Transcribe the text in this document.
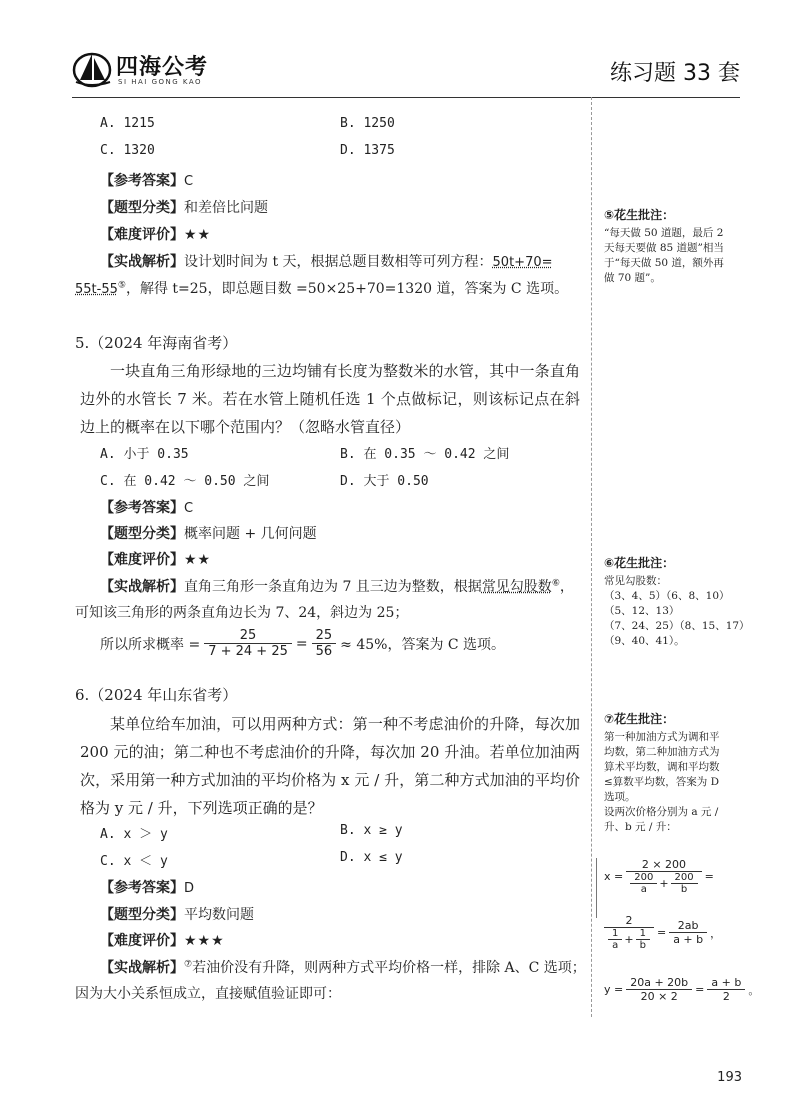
四海公考
SI HAI GONG KAO	练习题 33 套
A. 1215	B. 1250
C. 1320	D. 1375
【参考答案】C
【题型分类】和差倍比问题
【难度评价】★★
【实战解析】设计划时间为 t 天，根据总题目数相等可列方程：50t+70=
55t-55⑤，解得 t=25，即总题目数 =50×25+70=1320 道，答案为 C 选项。
5.（2024 年海南省考）
一块直角三角形绿地的三边均铺有长度为整数米的水管，其中一条直角边外的水管长 7 米。若在水管上随机任选 1 个点做标记，则该标记点在斜边上的概率在以下哪个范围内？（忽略水管直径）
A. 小于 0.35	B. 在 0.35 ～ 0.42 之间
C. 在 0.42 ～ 0.50 之间	D. 大于 0.50
【参考答案】C
【题型分类】概率问题 + 几何问题
【难度评价】★★
【实战解析】直角三角形一条直角边为 7 且三边为整数，根据常见勾股数⑥，
可知该三角形的两条直角边长为 7、24，斜边为 25；
所以所求概率 = $\frac{25}{7 + 24 + 25} = \frac{25}{56} \approx 45\%$，答案为 C 选项。
6.（2024 年山东省考）
某单位给车加油，可以用两种方式：第一种不考虑油价的升降，每次加 200 元的油；第二种也不考虑油价的升降，每次加 20 升油。若单位加油两次，采用第一种方式加油的平均价格为 x 元 / 升，第二种方式加油的平均价格为 y 元 / 升，下列选项正确的是？
A. x ＞ y	B. x ≥ y
C. x ＜ y	D. x ≤ y
【参考答案】D
【题型分类】平均数问题
【难度评价】★★★
【实战解析】⑦若油价没有升降，则两种方式平均价格一样，排除 A、C 选项；
因为大小关系恒成立，直接赋值验证即可：
⑤花生批注：
“每天做 50 道题，最后 2
天每天要做 85 道题”相当
于“每天做 50 道，额外再
做 70 题”。
⑥花生批注：
常见勾股数：
（3、4、5）（6、8、10）
（5、12、13）
（7、24、25）（8、15、17）
（9、40、41）。
⑦花生批注：
第一种加油方式为调和平
均数，第二种加油方式为
算术平均数，调和平均数
≤算数平均数，答案为 D
选项。
设两次价格分别为 a 元 /
升、b 元 / 升：
$x = \frac{2 \times 200}{\frac{200}{a} + \frac{200}{b}}$ =
$\frac{2}{\frac{1}{a} + \frac{1}{b}} = \frac{2ab}{a + b}$ ，
$y = \frac{20a + 20b}{20 \times 2} = \frac{a + b}{2}$ 。
193
